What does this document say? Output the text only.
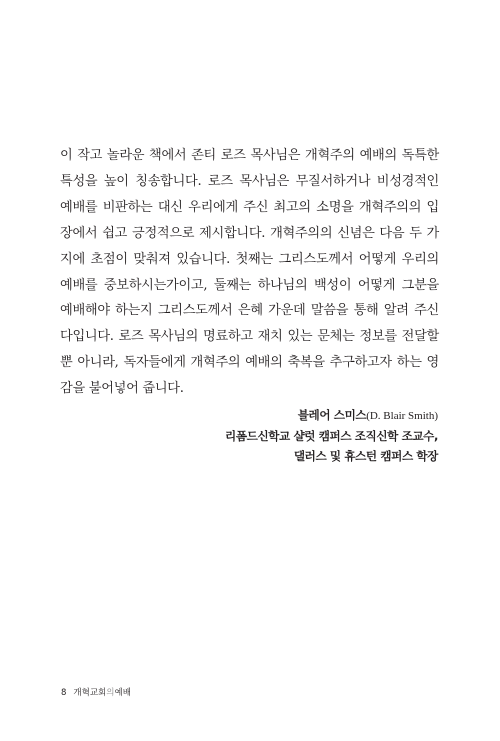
이 작고 놀라운 책에서 존티 로즈 목사님은 개혁주의 예배의 독특한
특성을 높이 칭송합니다. 로즈 목사님은 무질서하거나 비성경적인
예배를 비판하는 대신 우리에게 주신 최고의 소명을 개혁주의의 입
장에서 쉽고 긍정적으로 제시합니다. 개혁주의의 신념은 다음 두 가
지에 초점이 맞춰져 있습니다. 첫째는 그리스도께서 어떻게 우리의
예배를 중보하시는가이고, 둘째는 하나님의 백성이 어떻게 그분을
예배해야 하는지 그리스도께서 은혜 가운데 말씀을 통해 알려 주신
다입니다. 로즈 목사님의 명료하고 재치 있는 문체는 정보를 전달할
뿐 아니라, 독자들에게 개혁주의 예배의 축복을 추구하고자 하는 영
감을 불어넣어 줍니다.
블레어 스미스(D. Blair Smith)
리폼드신학교 샬럿 캠퍼스 조직신학 조교수,
댈러스 및 휴스턴 캠퍼스 학장
8 개혁교회의예배
